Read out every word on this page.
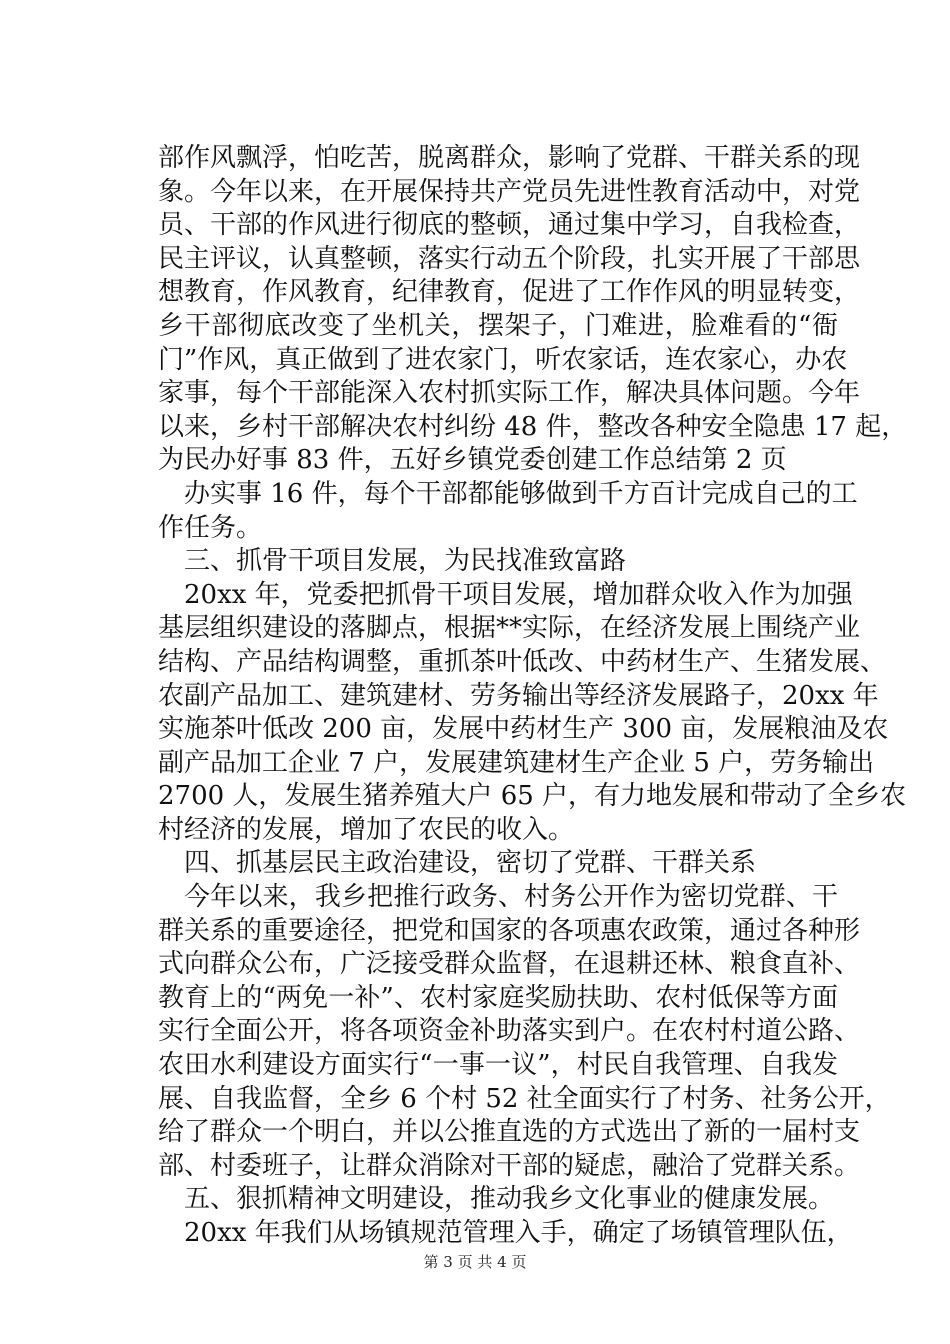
部作风飘浮，怕吃苦，脱离群众，影响了党群、干群关系的现
象。今年以来，在开展保持共产党员先进性教育活动中，对党
员、干部的作风进行彻底的整顿，通过集中学习，自我检查，
民主评议，认真整顿，落实行动五个阶段，扎实开展了干部思
想教育，作风教育，纪律教育，促进了工作作风的明显转变，
乡干部彻底改变了坐机关，摆架子，门难进，脸难看的“衙
门”作风，真正做到了进农家门，听农家话，连农家心，办农
家事，每个干部能深入农村抓实际工作，解决具体问题。今年
以来，乡村干部解决农村纠纷 48 件，整改各种安全隐患 17 起，
为民办好事 83 件，五好乡镇党委创建工作总结第 2 页
办实事 16 件，每个干部都能够做到千方百计完成自己的工
作任务。
三、抓骨干项目发展，为民找准致富路
20xx 年，党委把抓骨干项目发展，增加群众收入作为加强
基层组织建设的落脚点，根据**实际，在经济发展上围绕产业
结构、产品结构调整，重抓茶叶低改、中药材生产、生猪发展、
农副产品加工、建筑建材、劳务输出等经济发展路子，20xx 年
实施茶叶低改 200 亩，发展中药材生产 300 亩，发展粮油及农
副产品加工企业 7 户，发展建筑建材生产企业 5 户，劳务输出
2700 人，发展生猪养殖大户 65 户，有力地发展和带动了全乡农
村经济的发展，增加了农民的收入。
四、抓基层民主政治建设，密切了党群、干群关系
今年以来，我乡把推行政务、村务公开作为密切党群、干
群关系的重要途径，把党和国家的各项惠农政策，通过各种形
式向群众公布，广泛接受群众监督，在退耕还林、粮食直补、
教育上的“两免一补”、农村家庭奖励扶助、农村低保等方面
实行全面公开，将各项资金补助落实到户。在农村村道公路、
农田水利建设方面实行“一事一议”，村民自我管理、自我发
展、自我监督，全乡 6 个村 52 社全面实行了村务、社务公开，
给了群众一个明白，并以公推直选的方式选出了新的一届村支
部、村委班子，让群众消除对干部的疑虑，融洽了党群关系。
五、狠抓精神文明建设，推动我乡文化事业的健康发展。
20xx 年我们从场镇规范管理入手，确定了场镇管理队伍，
第 3 页 共 4 页
